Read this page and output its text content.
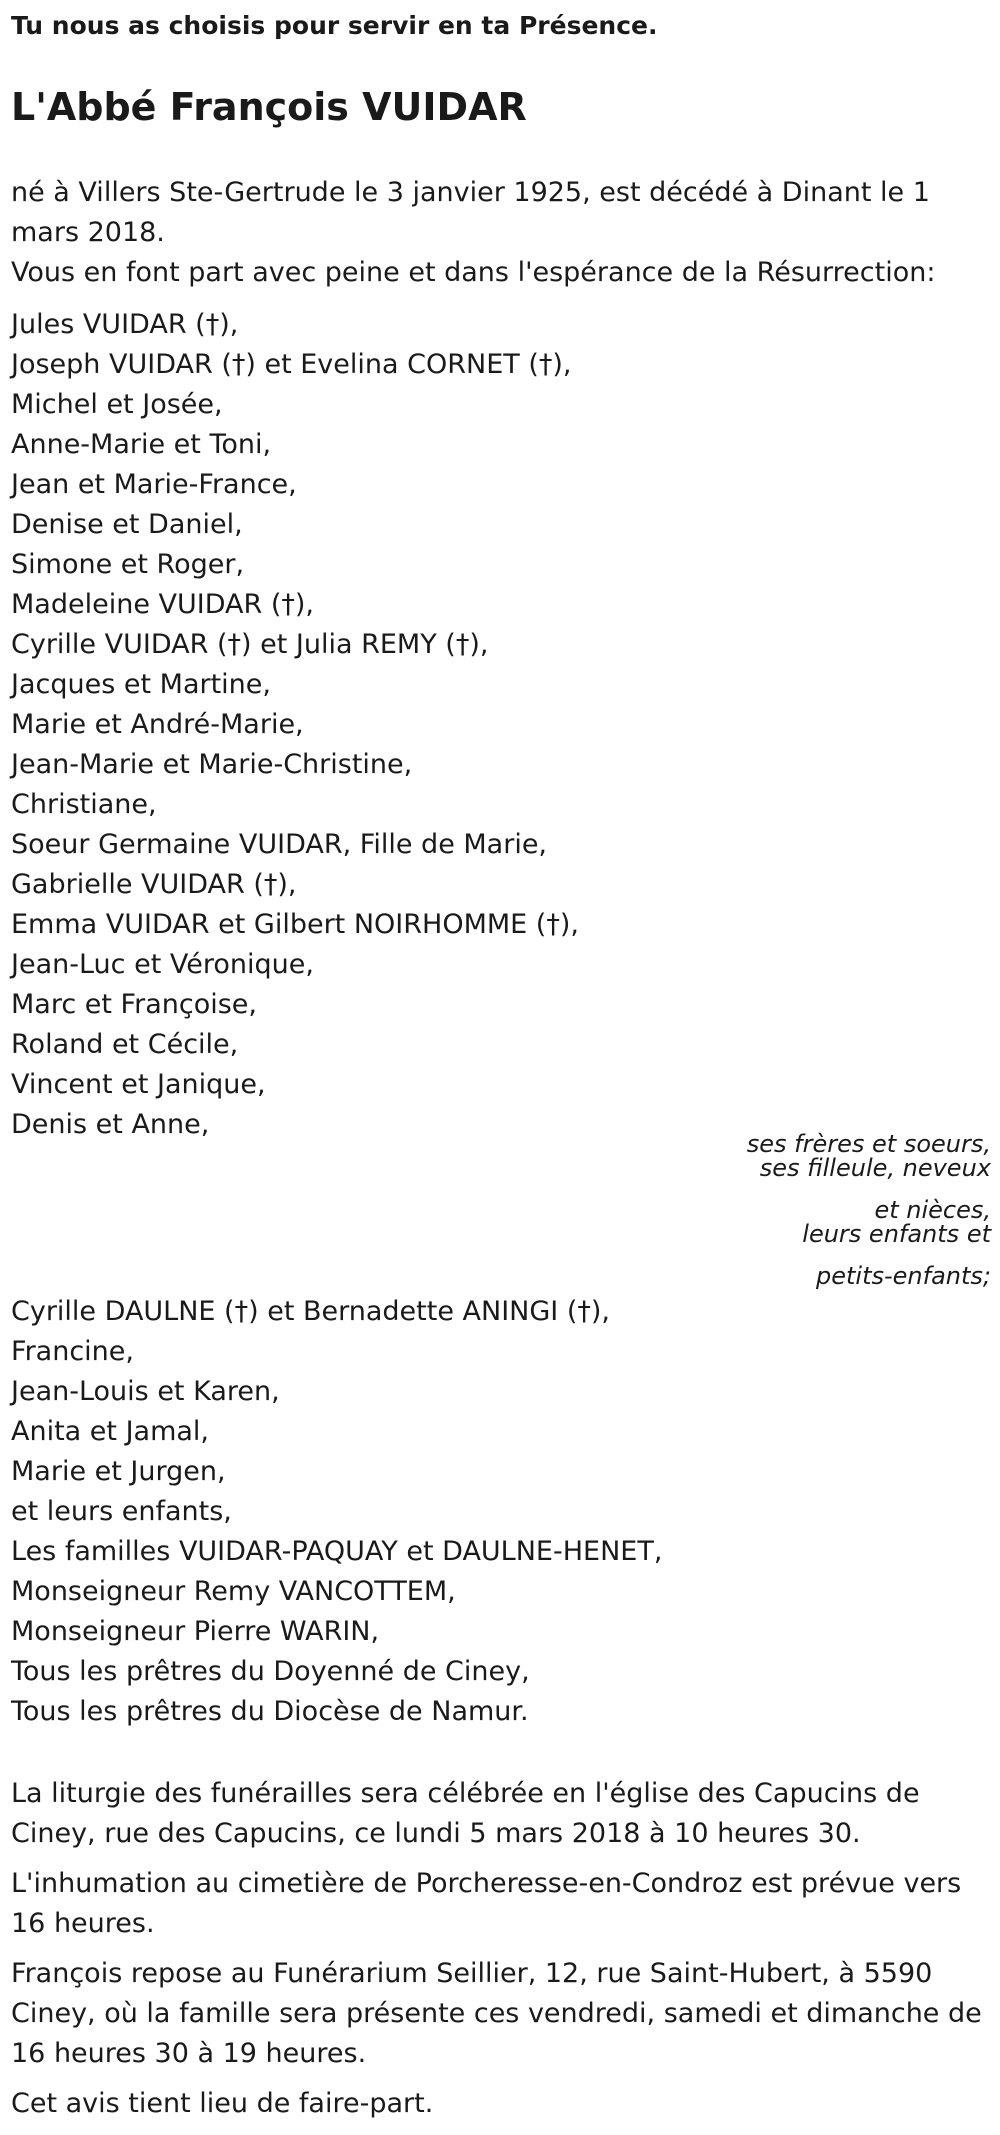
Tu nous as choisis pour servir en ta Présence.
L'Abbé François VUIDAR

né à Villers Ste-Gertrude le 3 janvier 1925, est décédé à Dinant le 1 mars 2018.

Vous en font part avec peine et dans l'espérance de la Résurrection:

Jules VUIDAR (†),
Joseph VUIDAR (†) et Evelina CORNET (†),
Michel et Josée,
Anne-Marie et Toni,
Jean et Marie-France,
Denise et Daniel,
Simone et Roger,
Madeleine VUIDAR (†),
Cyrille VUIDAR (†) et Julia REMY (†),
Jacques et Martine,
Marie et André-Marie,
Jean-Marie et Marie-Christine,
Christiane,
Soeur Germaine VUIDAR, Fille de Marie,
Gabrielle VUIDAR (†),
Emma VUIDAR et Gilbert NOIRHOMME (†),
Jean-Luc et Véronique,
Marc et Françoise,
Roland et Cécile,
Vincent et Janique,
Denis et Anne,
ses frères et soeurs,
ses filleule, neveux
et nièces,
leurs enfants et
petits-enfants;
Cyrille DAULNE (†) et Bernadette ANINGI (†),
Francine,
Jean-Louis et Karen,
Anita et Jamal,
Marie et Jurgen,
et leurs enfants,
Les familles VUIDAR-PAQUAY et DAULNE-HENET,
Monseigneur Remy VANCOTTEM,
Monseigneur Pierre WARIN,
Tous les prêtres du Doyenné de Ciney,
Tous les prêtres du Diocèse de Namur.

La liturgie des funérailles sera célébrée en l'église des Capucins de Ciney, rue des Capucins, ce lundi 5 mars 2018 à 10 heures 30.

L'inhumation au cimetière de Porcheresse-en-Condroz est prévue vers 16 heures.

François repose au Funérarium Seillier, 12, rue Saint-Hubert, à 5590 Ciney, où la famille sera présente ces vendredi, samedi et dimanche de 16 heures 30 à 19 heures.

Cet avis tient lieu de faire-part.
